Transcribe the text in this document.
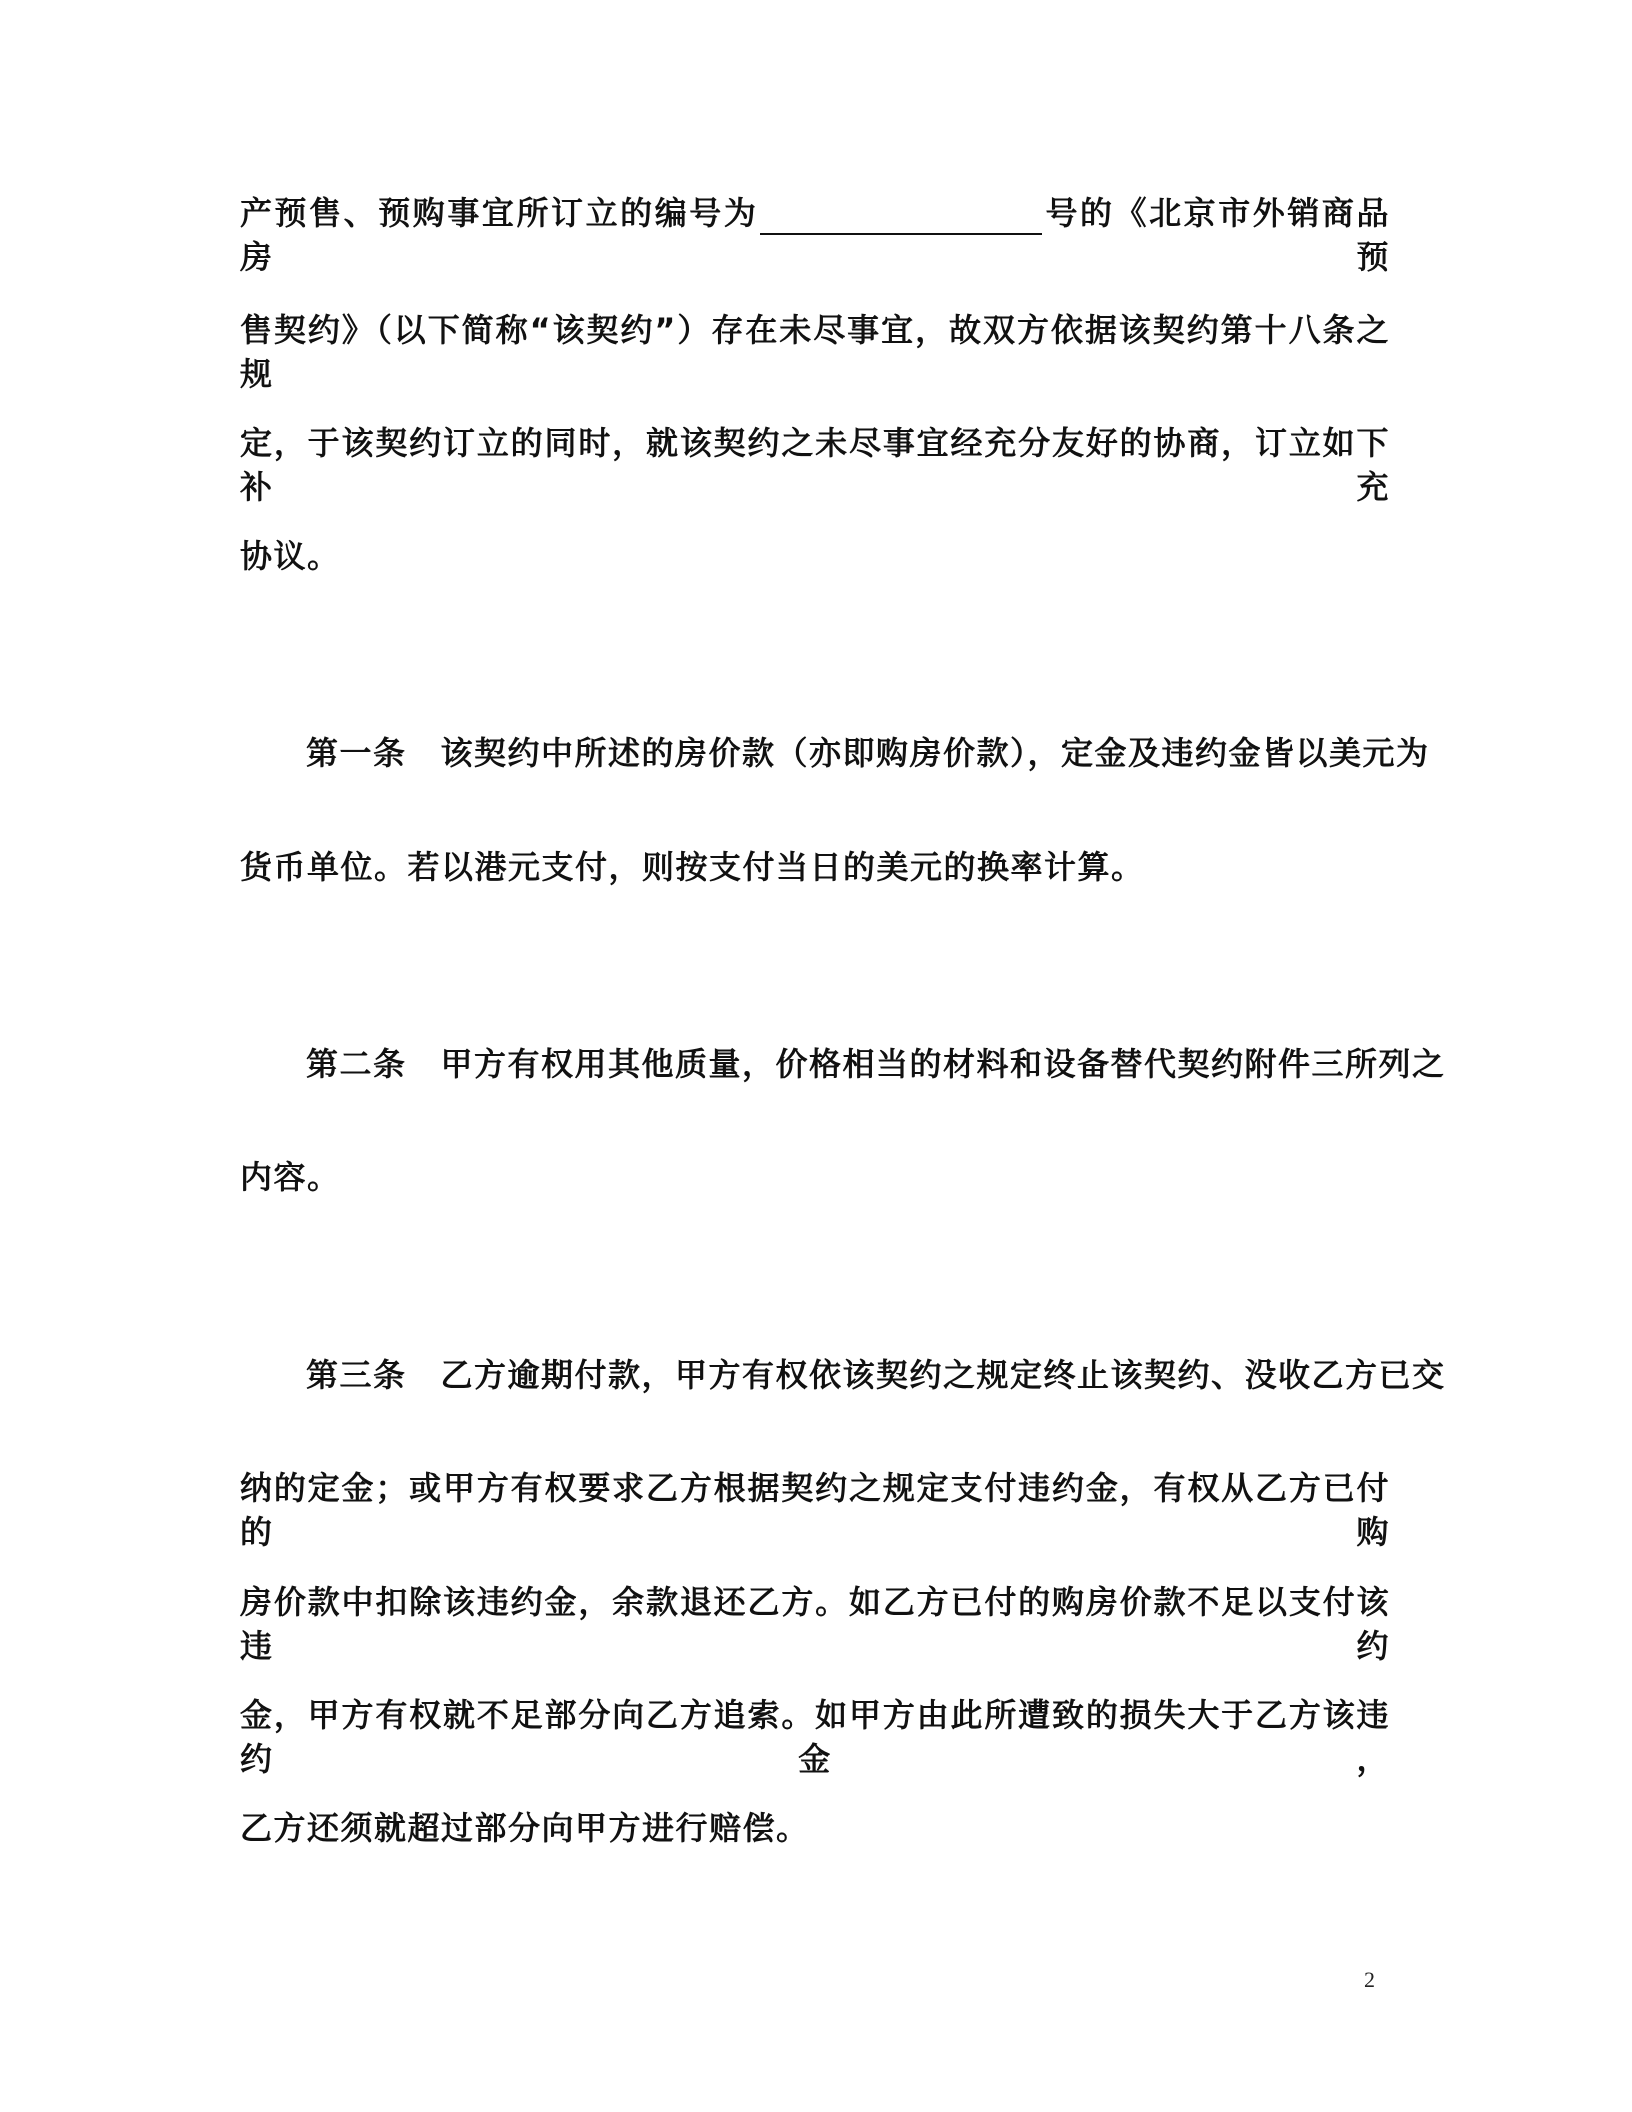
产预售、预购事宜所订立的编号为	号的《北京市外销商品房预
售契约》（以下简称“该契约”）存在未尽事宜，故双方依据该契约第十八条之规
定，于该契约订立的同时，就该契约之未尽事宜经充分友好的协商，订立如下补充
协议。
第一条 该契约中所述的房价款（亦即购房价款），定金及违约金皆以美元为
货币单位。若以港元支付，则按支付当日的美元的换率计算。
第二条 甲方有权用其他质量，价格相当的材料和设备替代契约附件三所列之
内容。
第三条 乙方逾期付款，甲方有权依该契约之规定终止该契约、没收乙方已交
纳的定金；或甲方有权要求乙方根据契约之规定支付违约金，有权从乙方已付的购
房价款中扣除该违约金，余款退还乙方。如乙方已付的购房价款不足以支付该违约
金，甲方有权就不足部分向乙方追索。如甲方由此所遭致的损失大于乙方该违约金，
乙方还须就超过部分向甲方进行赔偿。
2
